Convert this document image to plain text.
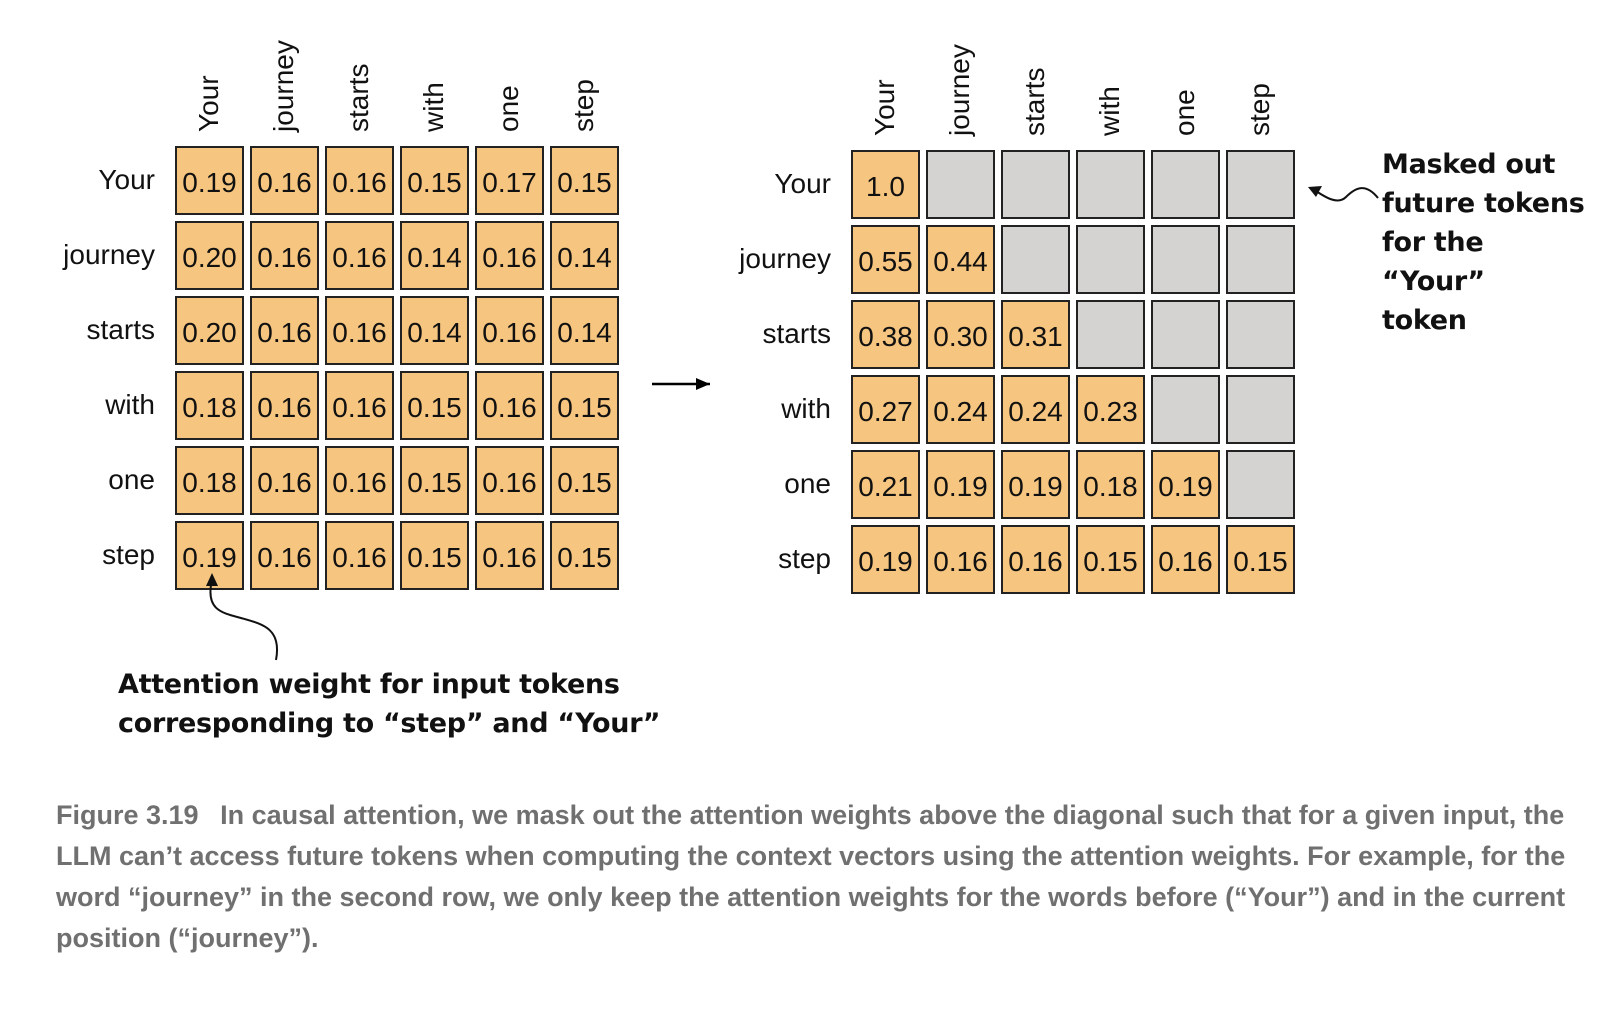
Your
Your
journey
journey
starts
starts
with
with
one
one
step
step
0.19 0.16 0.16 0.15 0.17 0.15
0.20 0.16 0.16 0.14 0.16 0.14
0.20 0.16 0.16 0.14 0.16 0.14
0.18 0.16 0.16 0.15 0.16 0.15
0.18 0.16 0.16 0.15 0.16 0.15
0.19 0.16 0.16 0.15 0.16 0.15
Your
Your
journey
journey
starts
starts
with
with
one
one
step
step
1.0
0.55 0.44
0.38 0.30 0.31
0.27 0.24 0.24 0.23
0.21 0.19 0.19 0.18 0.19
0.19 0.16 0.16 0.15 0.16 0.15
Masked out
future tokens
for the “Your”
token
Attention weight for input tokens
corresponding to “step” and “Your”
Figure 3.19 In causal attention, we mask out the attention weights above the diagonal such that for a given input, the LLM can’t access future tokens when computing the context vectors using the attention weights. For example, for the word “journey” in the second row, we only keep the attention weights for the words before (“Your”) and in the current position (“journey”).
